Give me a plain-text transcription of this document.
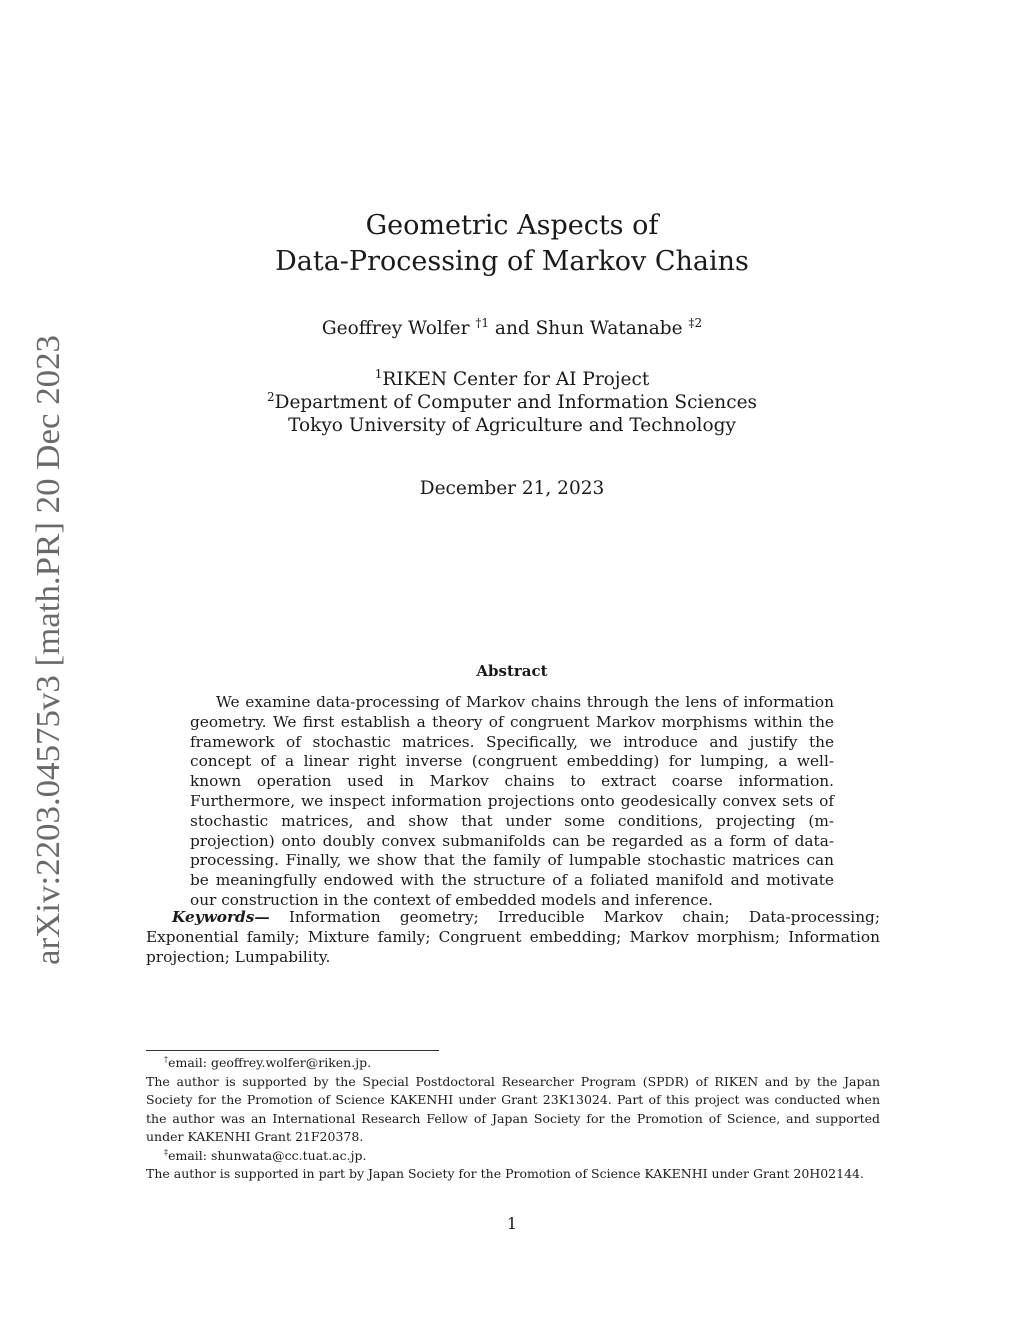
arXiv:2203.04575v3 [math.PR] 20 Dec 2023
Geometric Aspects of
Data-Processing of Markov Chains
Geoffrey Wolfer $^{\dagger 1}$ and Shun Watanabe $^{\ddagger 2}$
$^1$RIKEN Center for AI Project
$^2$Department of Computer and Information Sciences
Tokyo University of Agriculture and Technology
December 21, 2023
Abstract
We examine data-processing of Markov chains through the lens of information geometry. We first establish a theory of congruent Markov morphisms within the framework of stochastic matrices. Specifically, we introduce and justify the concept of a linear right inverse (congruent embedding) for lumping, a well-known operation used in Markov chains to extract coarse information. Furthermore, we inspect information projections onto geodesically convex sets of stochastic matrices, and show that under some conditions, projecting (m-projection) onto doubly convex submanifolds can be regarded as a form of data-processing. Finally, we show that the family of lumpable stochastic matrices can be meaningfully endowed with the structure of a foliated manifold and motivate our construction in the context of embedded models and inference.
Keywords— Information geometry; Irreducible Markov chain; Data-processing; Exponential family; Mixture family; Congruent embedding; Markov morphism; Information projection; Lumpability.
†email: geoffrey.wolfer@riken.jp.
The author is supported by the Special Postdoctoral Researcher Program (SPDR) of RIKEN and by the Japan Society for the Promotion of Science KAKENHI under Grant 23K13024. Part of this project was conducted when the author was an International Research Fellow of Japan Society for the Promotion of Science, and supported under KAKENHI Grant 21F20378.
‡email: shunwata@cc.tuat.ac.jp.
The author is supported in part by Japan Society for the Promotion of Science KAKENHI under Grant 20H02144.
1
